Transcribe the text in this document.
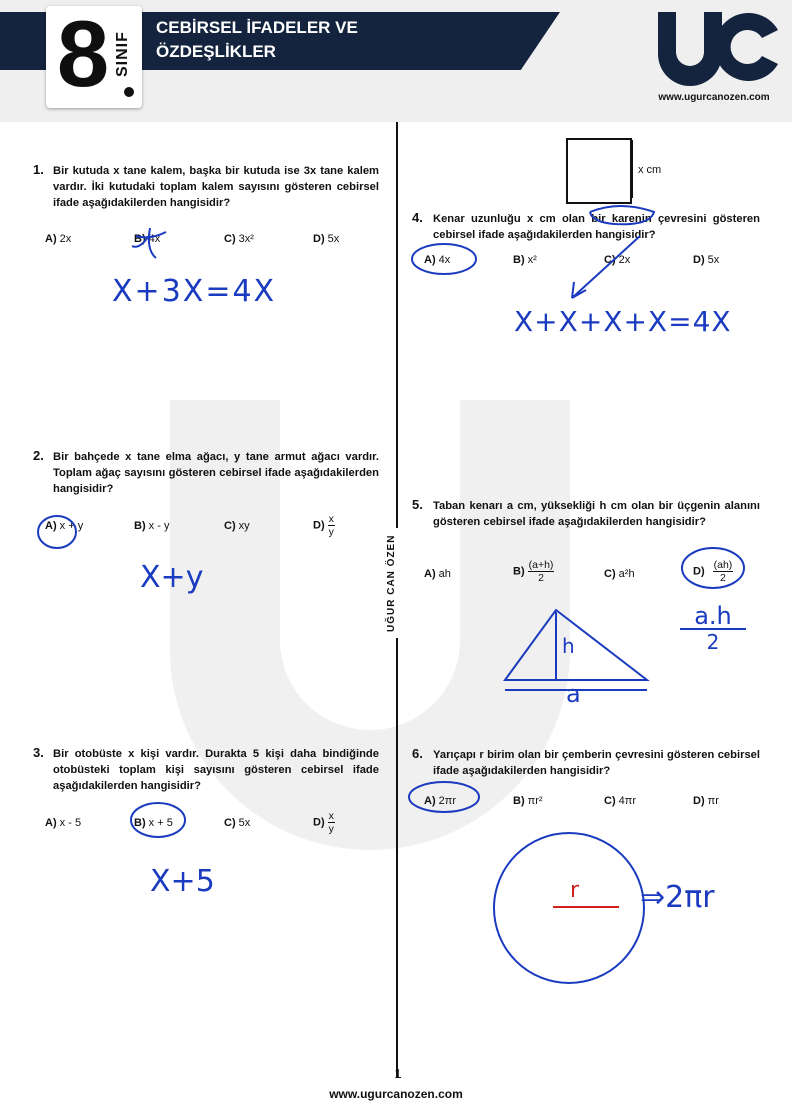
8 SINIF
CEBİRSEL İFADELER VE
ÖZDEŞLİKLER
www.ugurcanozen.com
UĞUR CAN ÖZEN
1. Bir kutuda x tane kalem, başka bir kutuda ise 3x tane kalem vardır. İki kutudaki toplam kalem sayısını gösteren cebirsel ifade aşağıdakilerden hangisidir?
A) 2x	B) 4x	C) 3x²	D) 5x
X+3X=4X
2. Bir bahçede x tane elma ağacı, y tane armut ağacı vardır. Toplam ağaç sayısını gösteren cebirsel ifade aşağıdakilerden hangisidir?
A) x + y	B) x - y	C) xy	$D) \frac{x}{y}$
X+y
3. Bir otobüste x kişi vardır. Durakta 5 kişi daha bindiğinde otobüsteki toplam kişi sayısını gösteren cebirsel ifade aşağıdakilerden hangisidir?
A) x - 5	B) x + 5	C) 5x	$D) \frac{x}{y}$
X+5
x cm
4. Kenar uzunluğu x cm olan bir karenin çevresini gösteren cebirsel ifade aşağıdakilerden hangisidir?
A) 4x	B) x²	C) 2x	D) 5x
X+X+X+X=4X
5. Taban kenarı a cm, yüksekliği h cm olan bir üçgenin alanını gösteren cebirsel ifade aşağıdakilerden hangisidir?
A) ah	$B) \frac{(a+h)}{2}$	C) a²h	$D) \frac{(ah)}{2}$
a.h
2
h
a
6. Yarıçapı r birim olan bir çemberin çevresini gösteren cebirsel ifade aşağıdakilerden hangisidir?
A) 2πr	B) πr²	C) 4πr	D) πr
r ⇒2πr
1
www.ugurcanozen.com
